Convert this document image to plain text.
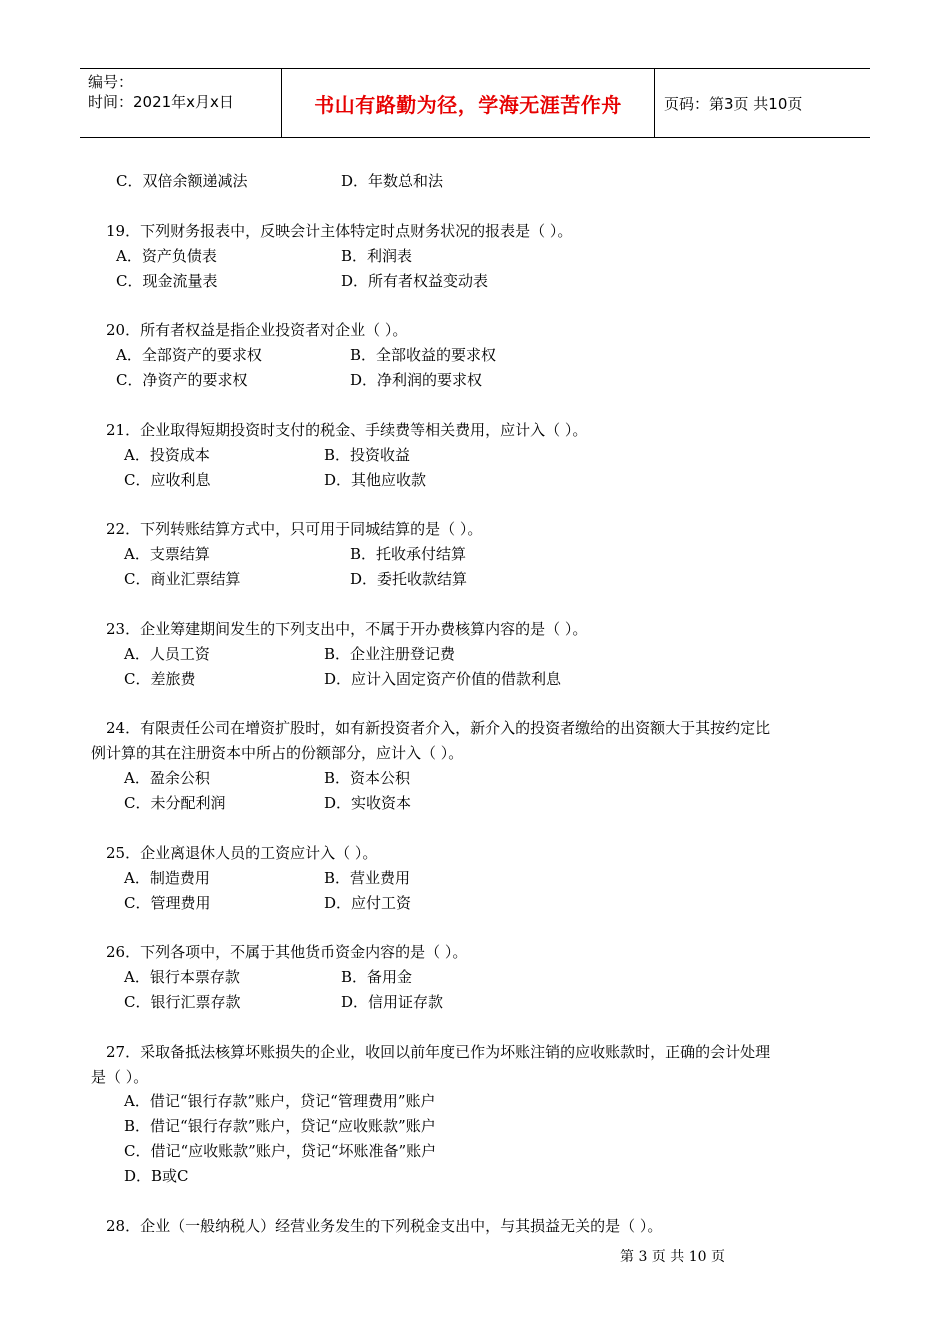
编号：
时间：2021年x月x日	书山有路勤为径，学海无涯苦作舟	页码：第3页 共10页
C．双倍余额递减法	D．年数总和法
19．下列财务报表中，反映会计主体特定时点财务状况的报表是（ ）。
A．资产负债表	B．利润表
C．现金流量表	D．所有者权益变动表
20．所有者权益是指企业投资者对企业（ ）。
A．全部资产的要求权	B．全部收益的要求权
C．净资产的要求权	D．净利润的要求权
21．企业取得短期投资时支付的税金、手续费等相关费用，应计入（ ）。
A．投资成本	B．投资收益
C．应收利息	D．其他应收款
22．下列转账结算方式中，只可用于同城结算的是（ ）。
A．支票结算	B．托收承付结算
C．商业汇票结算	D．委托收款结算
23．企业筹建期间发生的下列支出中，不属于开办费核算内容的是（ ）。
A．人员工资	B．企业注册登记费
C．差旅费	D．应计入固定资产价值的借款利息
24．有限责任公司在增资扩股时，如有新投资者介入，新介入的投资者缴给的出资额大于其按约定比
例计算的其在注册资本中所占的份额部分，应计入（ ）。
A．盈余公积	B．资本公积
C．未分配利润	D．实收资本
25．企业离退休人员的工资应计入（ ）。
A．制造费用	B．营业费用
C．管理费用	D．应付工资
26．下列各项中，不属于其他货币资金内容的是（ ）。
A．银行本票存款	B．备用金
C．银行汇票存款	D．信用证存款
27．采取备抵法核算坏账损失的企业，收回以前年度已作为坏账注销的应收账款时，正确的会计处理
是（ ）。
A．借记“银行存款”账户，贷记“管理费用”账户
B．借记“银行存款”账户，贷记“应收账款”账户
C．借记“应收账款”账户，贷记“坏账准备”账户
D．B或C
28．企业（一般纳税人）经营业务发生的下列税金支出中，与其损益无关的是（ ）。
第 3 页 共 10 页
